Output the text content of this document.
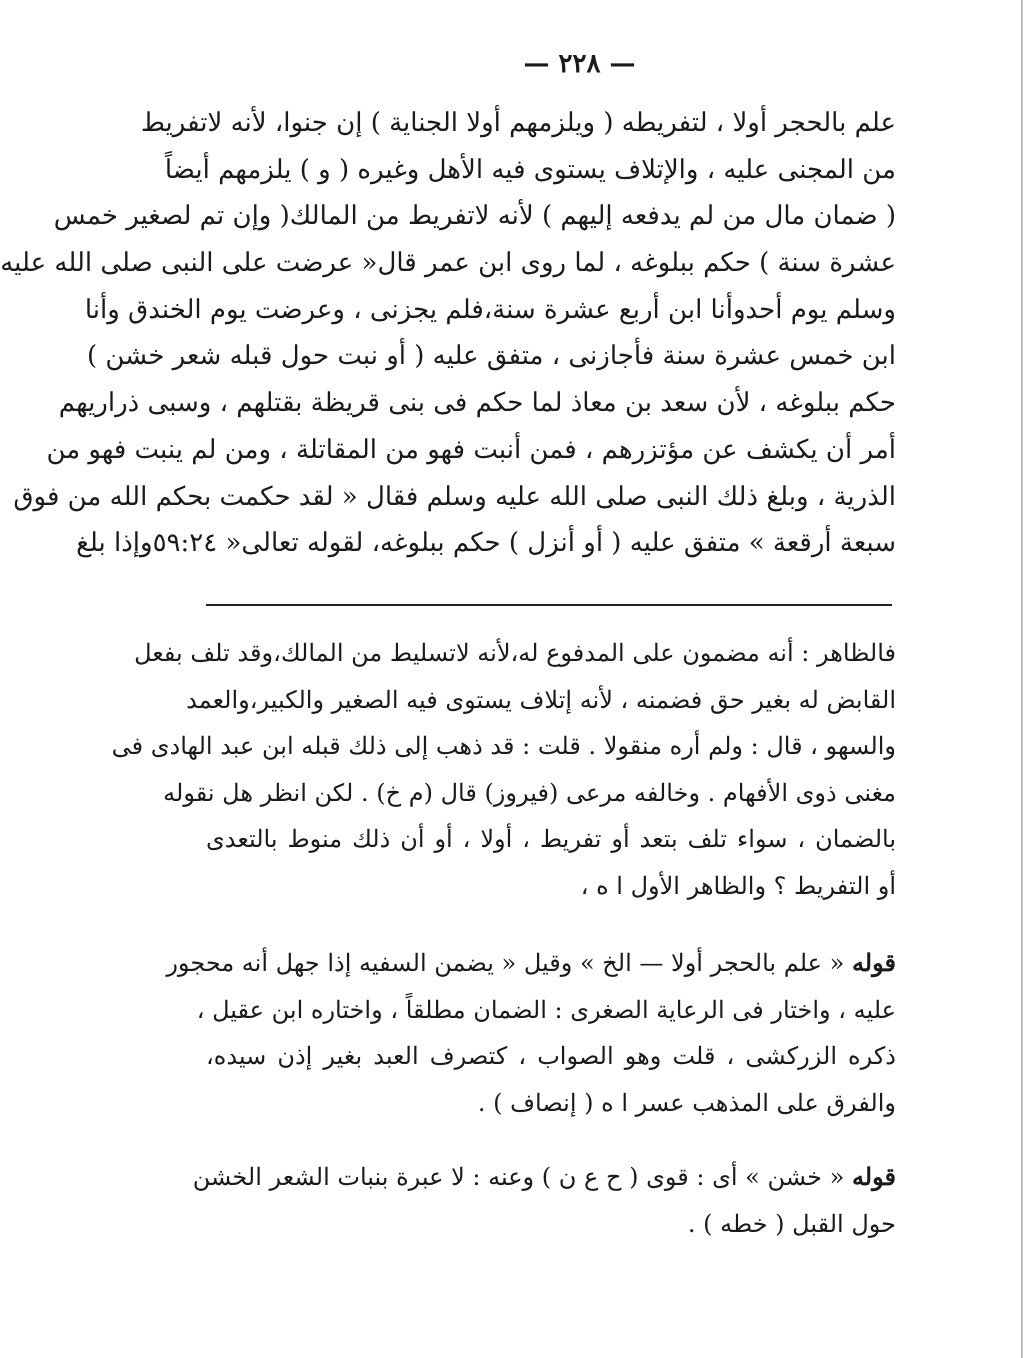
— ٢٢٨ —
علم بالحجر أولا ، لتفريطه ( ويلزمهم أولا الجناية ) إن جنوا، لأنه لاتفريط
من المجنى عليه ، والإتلاف يستوى فيه الأهل وغيره ( و ) يلزمهم أيضاً
( ضمان مال من لم يدفعه إليهم ) لأنه لاتفريط من المالك( وإن تم لصغير خمس
عشرة سنة ) حكم ببلوغه ، لما روى ابن عمر قال« عرضت على النبى صلى الله عليه
وسلم يوم أحدوأنا ابن أربع عشرة سنة،فلم يجزنى ، وعرضت يوم الخندق وأنا
ابن خمس عشرة سنة فأجازنى ، متفق عليه ( أو نبت حول قبله شعر خشن )
حكم ببلوغه ، لأن سعد بن معاذ لما حكم فى بنى قريظة بقتلهم ، وسبى ذراريهم
أمر أن يكشف عن مؤتزرهم ، فمن أنبت فهو من المقاتلة ، ومن لم ينبت فهو من
الذرية ، وبلغ ذلك النبى صلى الله عليه وسلم فقال « لقد حكمت بحكم الله من فوق
سبعة أرقعة » متفق عليه ( أو أنزل ) حكم ببلوغه، لقوله تعالى« ٥٩:٢٤وإذا بلغ
فالظاهر : أنه مضمون على المدفوع له،لأنه لاتسليط من المالك،وقد تلف بفعل
القابض له بغير حق فضمنه ، لأنه إتلاف يستوى فيه الصغير والكبير،والعمد
والسهو ، قال : ولم أره منقولا . قلت : قد ذهب إلى ذلك قبله ابن عبد الهادى فى
مغنى ذوى الأفهام . وخالفه مرعى (فيروز) قال (م خ) . لكن انظر هل نقوله
بالضمان ، سواء تلف بتعد أو تفريط ، أولا ، أو أن ذلك منوط بالتعدى
أو التفريط ؟ والظاهر الأول ا ه ،
قوله « علم بالحجر أولا — الخ » وقيل « يضمن السفيه إذا جهل أنه محجور
عليه ، واختار فى الرعاية الصغرى : الضمان مطلقاً ، واختاره ابن عقيل ،
ذكره الزركشى ، قلت وهو الصواب ، كتصرف العبد بغير إذن سيده،
والفرق على المذهب عسر ا ه ( إنصاف ) .
قوله « خشن » أى : قوى ( ح ع ن ) وعنه : لا عبرة بنبات الشعر الخشن
حول القبل ( خطه ) .
